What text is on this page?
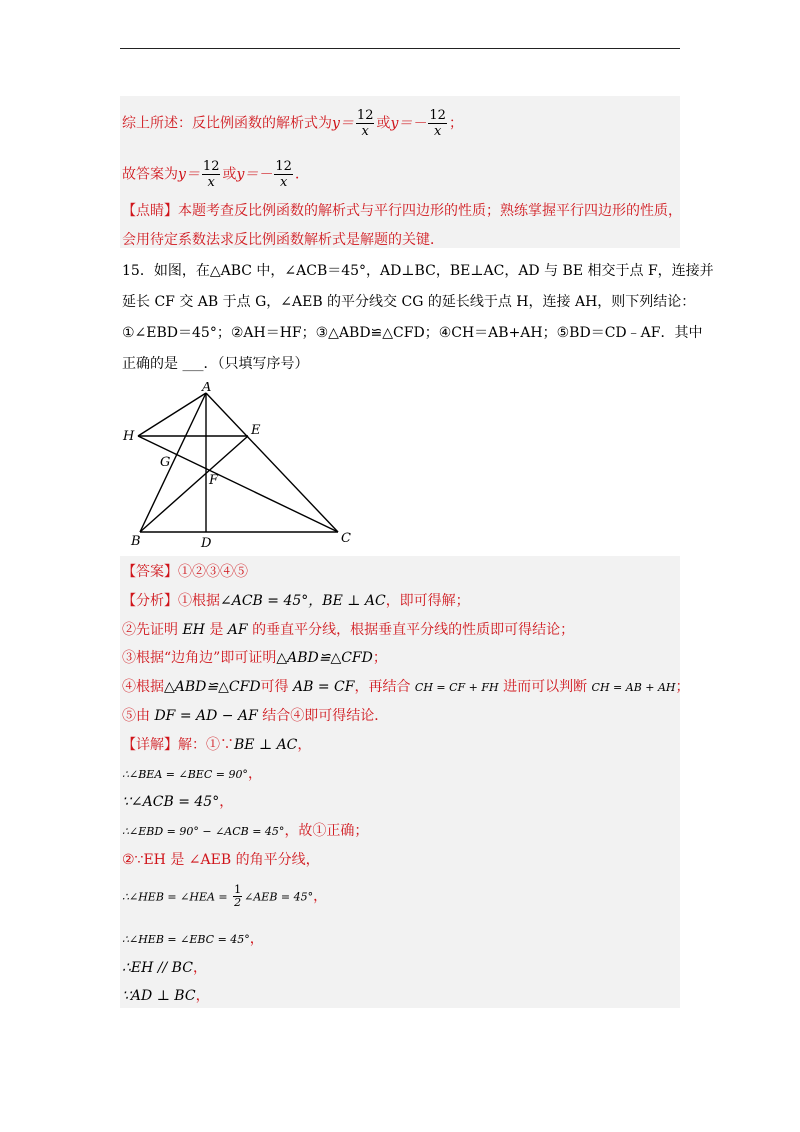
综上所述：反比例函数的解析式为$y= \frac{12}{x}$ 或$y=- \frac{12}{x}$ ；
故答案为$y= \frac{12}{x}$ 或$y=- \frac{12}{x}$ ．
【点睛】本题考查反比例函数的解析式与平行四边形的性质；熟练掌握平行四边形的性质，
会用待定系数法求反比例函数解析式是解题的关键．
15．如图，在△ABC 中，∠ACB＝45°，AD⊥BC，BE⊥AC，AD 与 BE 相交于点 F，连接并
延长 CF 交 AB 于点 G，∠AEB 的平分线交 CG 的延长线于点 H，连接 AH，则下列结论：
①∠EBD＝45°；②AH＝HF；③△ABD≌△CFD；④CH＝AB+AH；⑤BD＝CD﹣AF．其中
正确的是 ___．（只填写序号）
A
H	E
G
F
B	D	C
【答案】①②③④⑤
【分析】①根据∠ACB = 45°，BE ⊥ AC，即可得解；
②先证明 EH 是 AF 的垂直平分线，根据垂直平分线的性质即可得结论；
③根据“边角边”即可证明△ABD≌△CFD；
④根据△ABD≌△CFD可得 AB = CF，再结合 CH = CF + FH 进而可以判断 CH = AB + AH；
⑤由 DF = AD − AF 结合④即可得结论．
【详解】解：①∵BE ⊥ AC，
∴∠BEA = ∠BEC = 90°，
∵∠ACB = 45°，
∴∠EBD = 90° − ∠ACB = 45°，故①正确；
②∵EH 是 ∠AEB 的角平分线，
∴∠HEB = ∠HEA = $\frac{1}{2}$ ∠AEB = 45°，
∴∠HEB = ∠EBC = 45°，
∴EH // BC，
∵AD ⊥ BC，
